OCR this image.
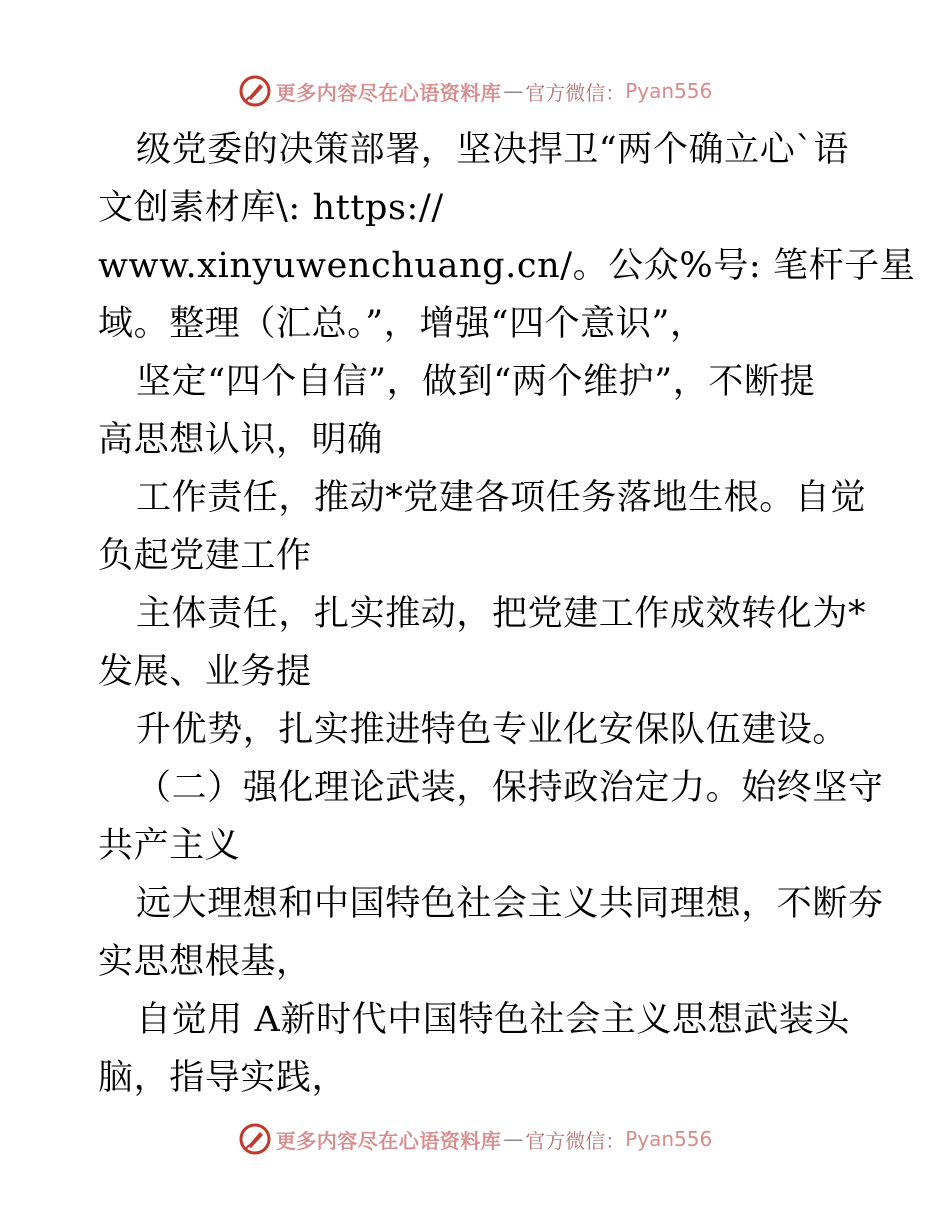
更多内容尽在心语资料库 — 官方微信： Pyan556
级党委的决策部署，坚决捍卫“两个确立心`语
文创素材库\: https://
www.xinyuwenchuang.cn/。公众%号: 笔杆子星
域。整理（汇总。”，增强“四个意识”，
坚定“四个自信”，做到“两个维护”，不断提
高思想认识，明确
工作责任，推动*党建各项任务落地生根。自觉
负起党建工作
主体责任，扎实推动，把党建工作成效转化为*
发展、业务提
升优势，扎实推进特色专业化安保队伍建设。
（二）强化理论武装，保持政治定力。始终坚守
共产主义
远大理想和中国特色社会主义共同理想，不断夯
实思想根基，
自觉用 A新时代中国特色社会主义思想武装头
脑，指导实践，
更多内容尽在心语资料库 — 官方微信： Pyan556
